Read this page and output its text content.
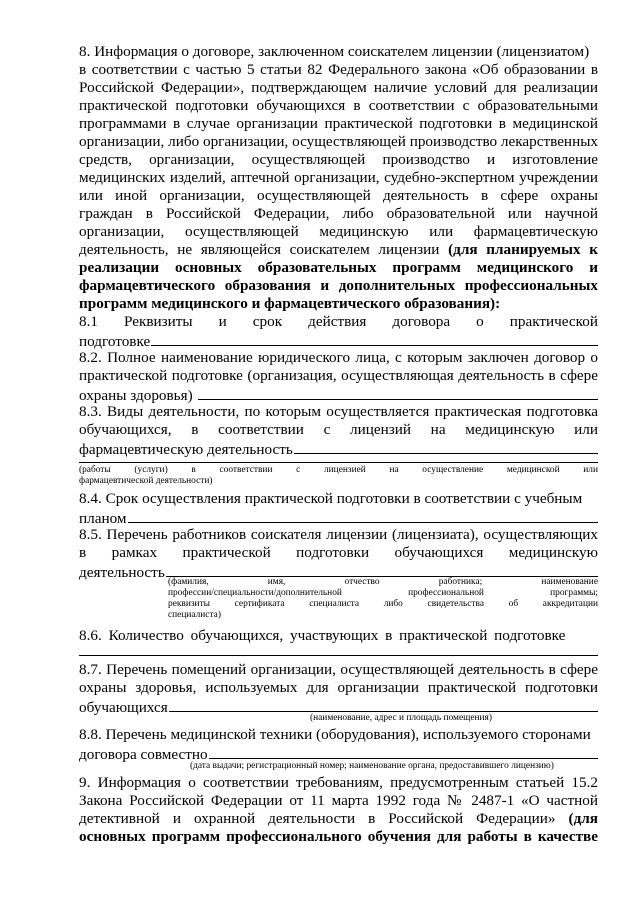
8. Информация о договоре, заключенном соискателем лицензии (лицензиатом)
в соответствии с частью 5 статьи 82 Федерального закона «Об образовании в
Российской Федерации», подтверждающем наличие условий для реализации
практической подготовки обучающихся в соответствии с образовательными
программами в случае организации практической подготовки в медицинской
организации, либо организации, осуществляющей производство лекарственных
средств, организации, осуществляющей производство и изготовление
медицинских изделий, аптечной организации, судебно-экспертном учреждении
или иной организации, осуществляющей деятельность в сфере охраны
граждан в Российской Федерации, либо образовательной или научной
организации, осуществляющей медицинскую или фармацевтическую
деятельность, не являющейся соискателем лицензии (для планируемых к
реализации основных образовательных программ медицинского и
фармацевтического образования и дополнительных профессиональных
программ медицинского и фармацевтического образования):
8.1 Реквизиты и срок действия договора о практической
подготовке
8.2. Полное наименование юридического лица, с которым заключен договор о
практической подготовке (организация, осуществляющая деятельность в сфере
охраны здоровья)
8.3. Виды деятельности, по которым осуществляется практическая подготовка
обучающихся, в соответствии с лицензий на медицинскую или
фармацевтическую деятельность
(работы (услуги) в соответствии с лицензией на осуществление медицинской или
фармацевтической деятельности)
8.4. Срок осуществления практической подготовки в соответствии с учебным
планом
8.5. Перечень работников соискателя лицензии (лицензиата), осуществляющих
в рамках практической подготовки обучающихся медицинскую
деятельность
(фамилия, имя, отчество работника; наименование
профессии/специальности/дополнительной профессиональной программы;
реквизиты сертификата специалиста либо свидетельства об аккредитации
специалиста)
8.6. Количество обучающихся, участвующих в практической подготовке
8.7. Перечень помещений организации, осуществляющей деятельность в сфере
охраны здоровья, используемых для организации практической подготовки
обучающихся
(наименование, адрес и площадь помещения)
8.8. Перечень медицинской техники (оборудования), используемого сторонами
договора совместно
(дата выдачи; регистрационный номер; наименование органа, предоставившего лицензию)
9. Информация о соответствии требованиям, предусмотренным статьей 15.2
Закона Российской Федерации от 11 марта 1992 года № 2487-1 «О частной
детективной и охранной деятельности в Российской Федерации» (для
основных программ профессионального обучения для работы в качестве
